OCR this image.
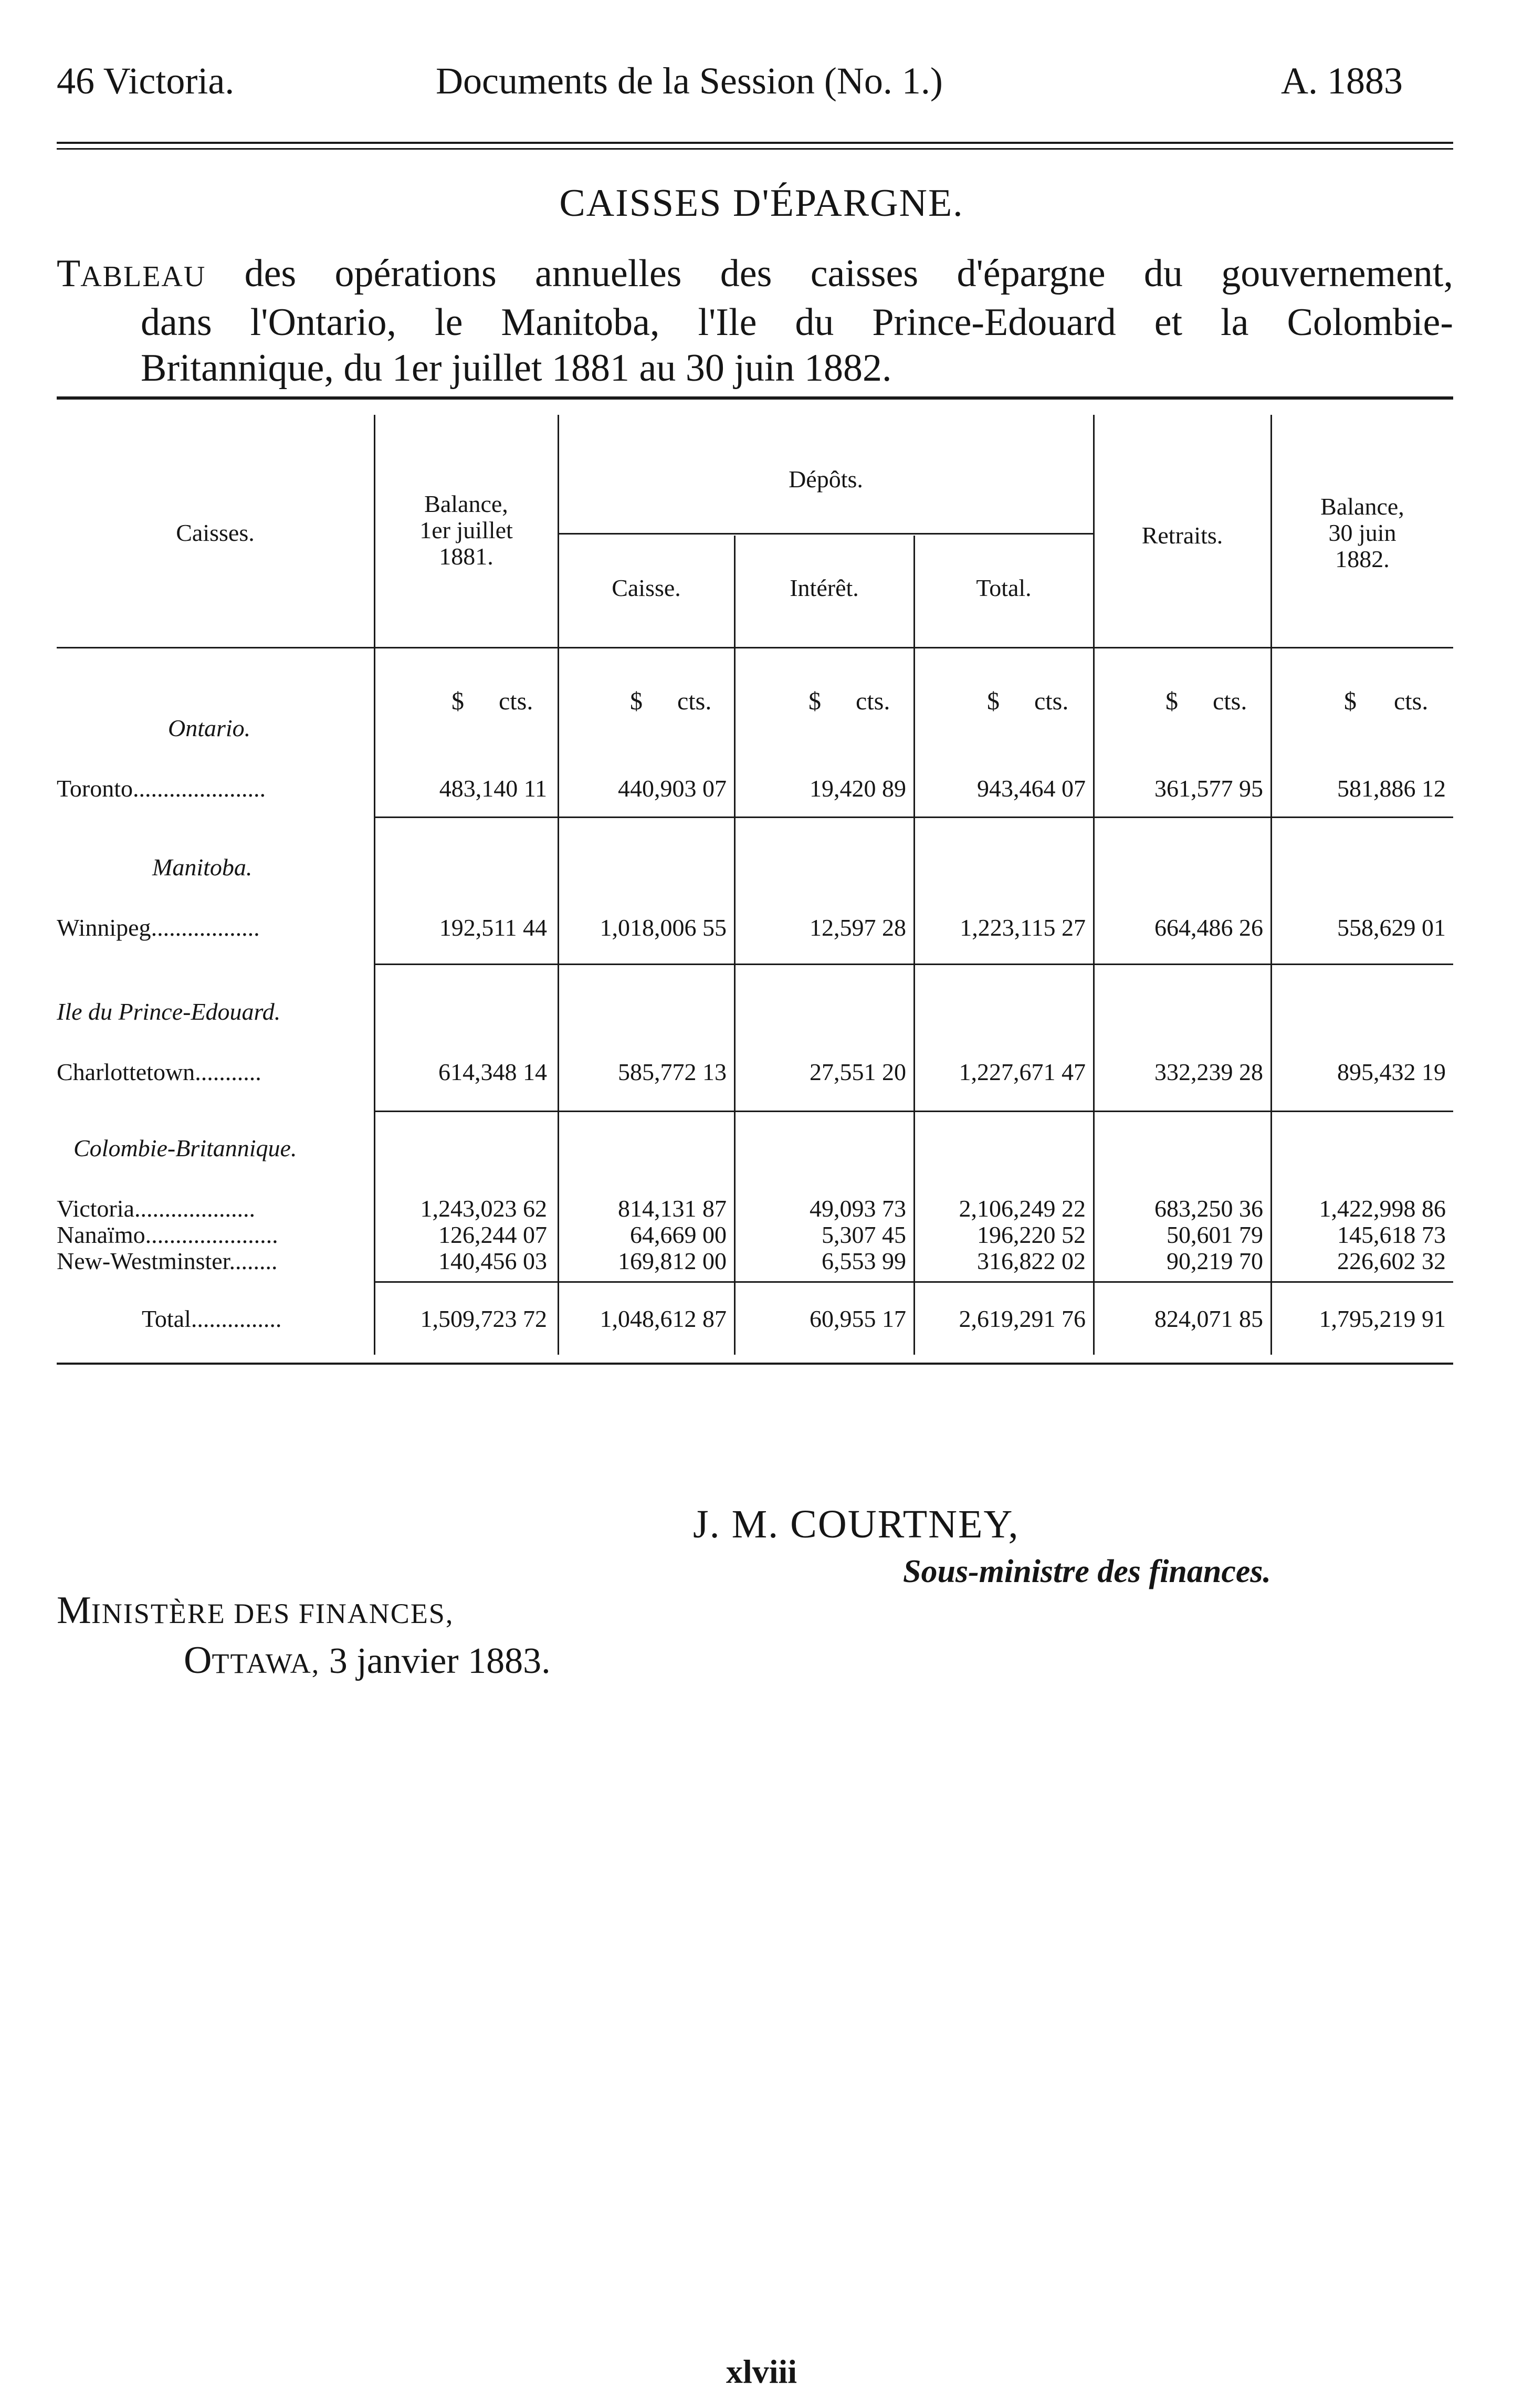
46 Victoria.	Documents de la Session (No. 1.)	A. 1883
CAISSES D'ÉPARGNE.

TABLEAU des opérations annuelles des caisses d'épargne du gouvernement,

dans l'Ontario, le Manitoba, l'Ile du Prince-Edouard et la Colombie-

Britannique, du 1er juillet 1881 au 30 juin 1882.

Caisses.
Balance,
1er juillet
1881.
Dépôts.
Caisse.	Intérêt.	Total.
Retraits.
Balance,
30 juin
1882.
$ cts.	$ cts.	$ cts.	$ cts.	$ cts.	$ cts.
Ontario.
Manitoba.
Ile du Prince-Edouard.
Colombie-Britannique.
Toronto......................	483,140 11	440,903 07	19,420 89	943,464 07	361,577 95	581,886 12
Winnipeg..................	192,511 44	1,018,006 55	12,597 28	1,223,115 27	664,486 26	558,629 01
Charlottetown...........	614,348 14	585,772 13	27,551 20	1,227,671 47	332,239 28	895,432 19
Victoria....................	1,243,023 62	814,131 87	49,093 73	2,106,249 22	683,250 36	1,422,998 86
Nanaïmo......................	126,244 07	64,669 00	5,307 45	196,220 52	50,601 79	145,618 73
New-Westminster........	140,456 03	169,812 00	6,553 99	316,822 02	90,219 70	226,602 32
Total...............	1,509,723 72	1,048,612 87	60,955 17	2,619,291 76	824,071 85	1,795,219 91
J. M. COURTNEY,
Sous-ministre des finances.
MINISTÈRE DES FINANCES,
OTTAWA, 3 janvier 1883.
xlviii
